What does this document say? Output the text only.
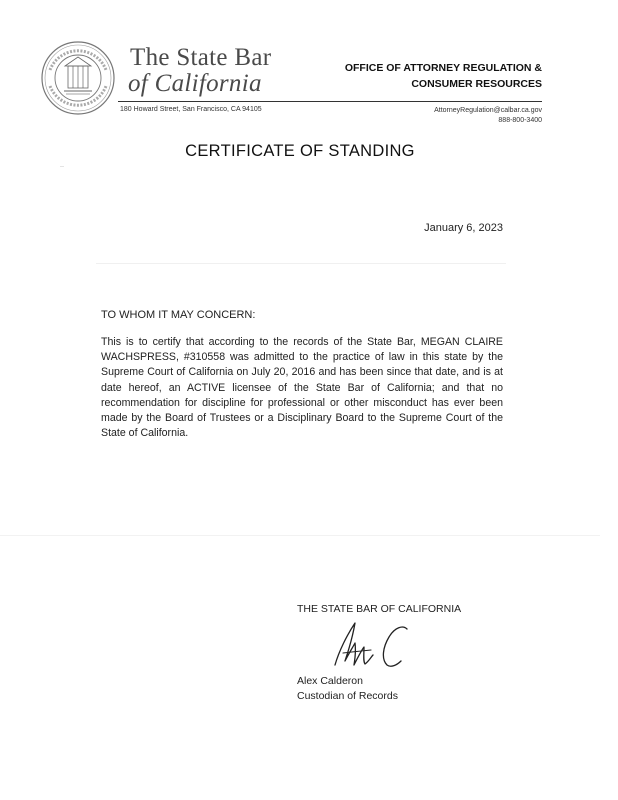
The State Bar
of California
OFFICE OF ATTORNEY REGULATION &
CONSUMER RESOURCES
180 Howard Street, San Francisco, CA 94105	AttorneyRegulation@calbar.ca.gov
888-800-3400
CERTIFICATE OF STANDING
January 6, 2023
TO WHOM IT MAY CONCERN:
This is to certify that according to the records of the State Bar, MEGAN CLAIRE WACHSPRESS, #310558 was admitted to the practice of law in this state by the Supreme Court of California on July 20, 2016 and has been since that date, and is at date hereof, an ACTIVE licensee of the State Bar of California; and that no recommendation for discipline for professional or other misconduct has ever been made by the Board of Trustees or a Disciplinary Board to the Supreme Court of the State of California.
THE STATE BAR OF CALIFORNIA
Alex Calderon
Custodian of Records
